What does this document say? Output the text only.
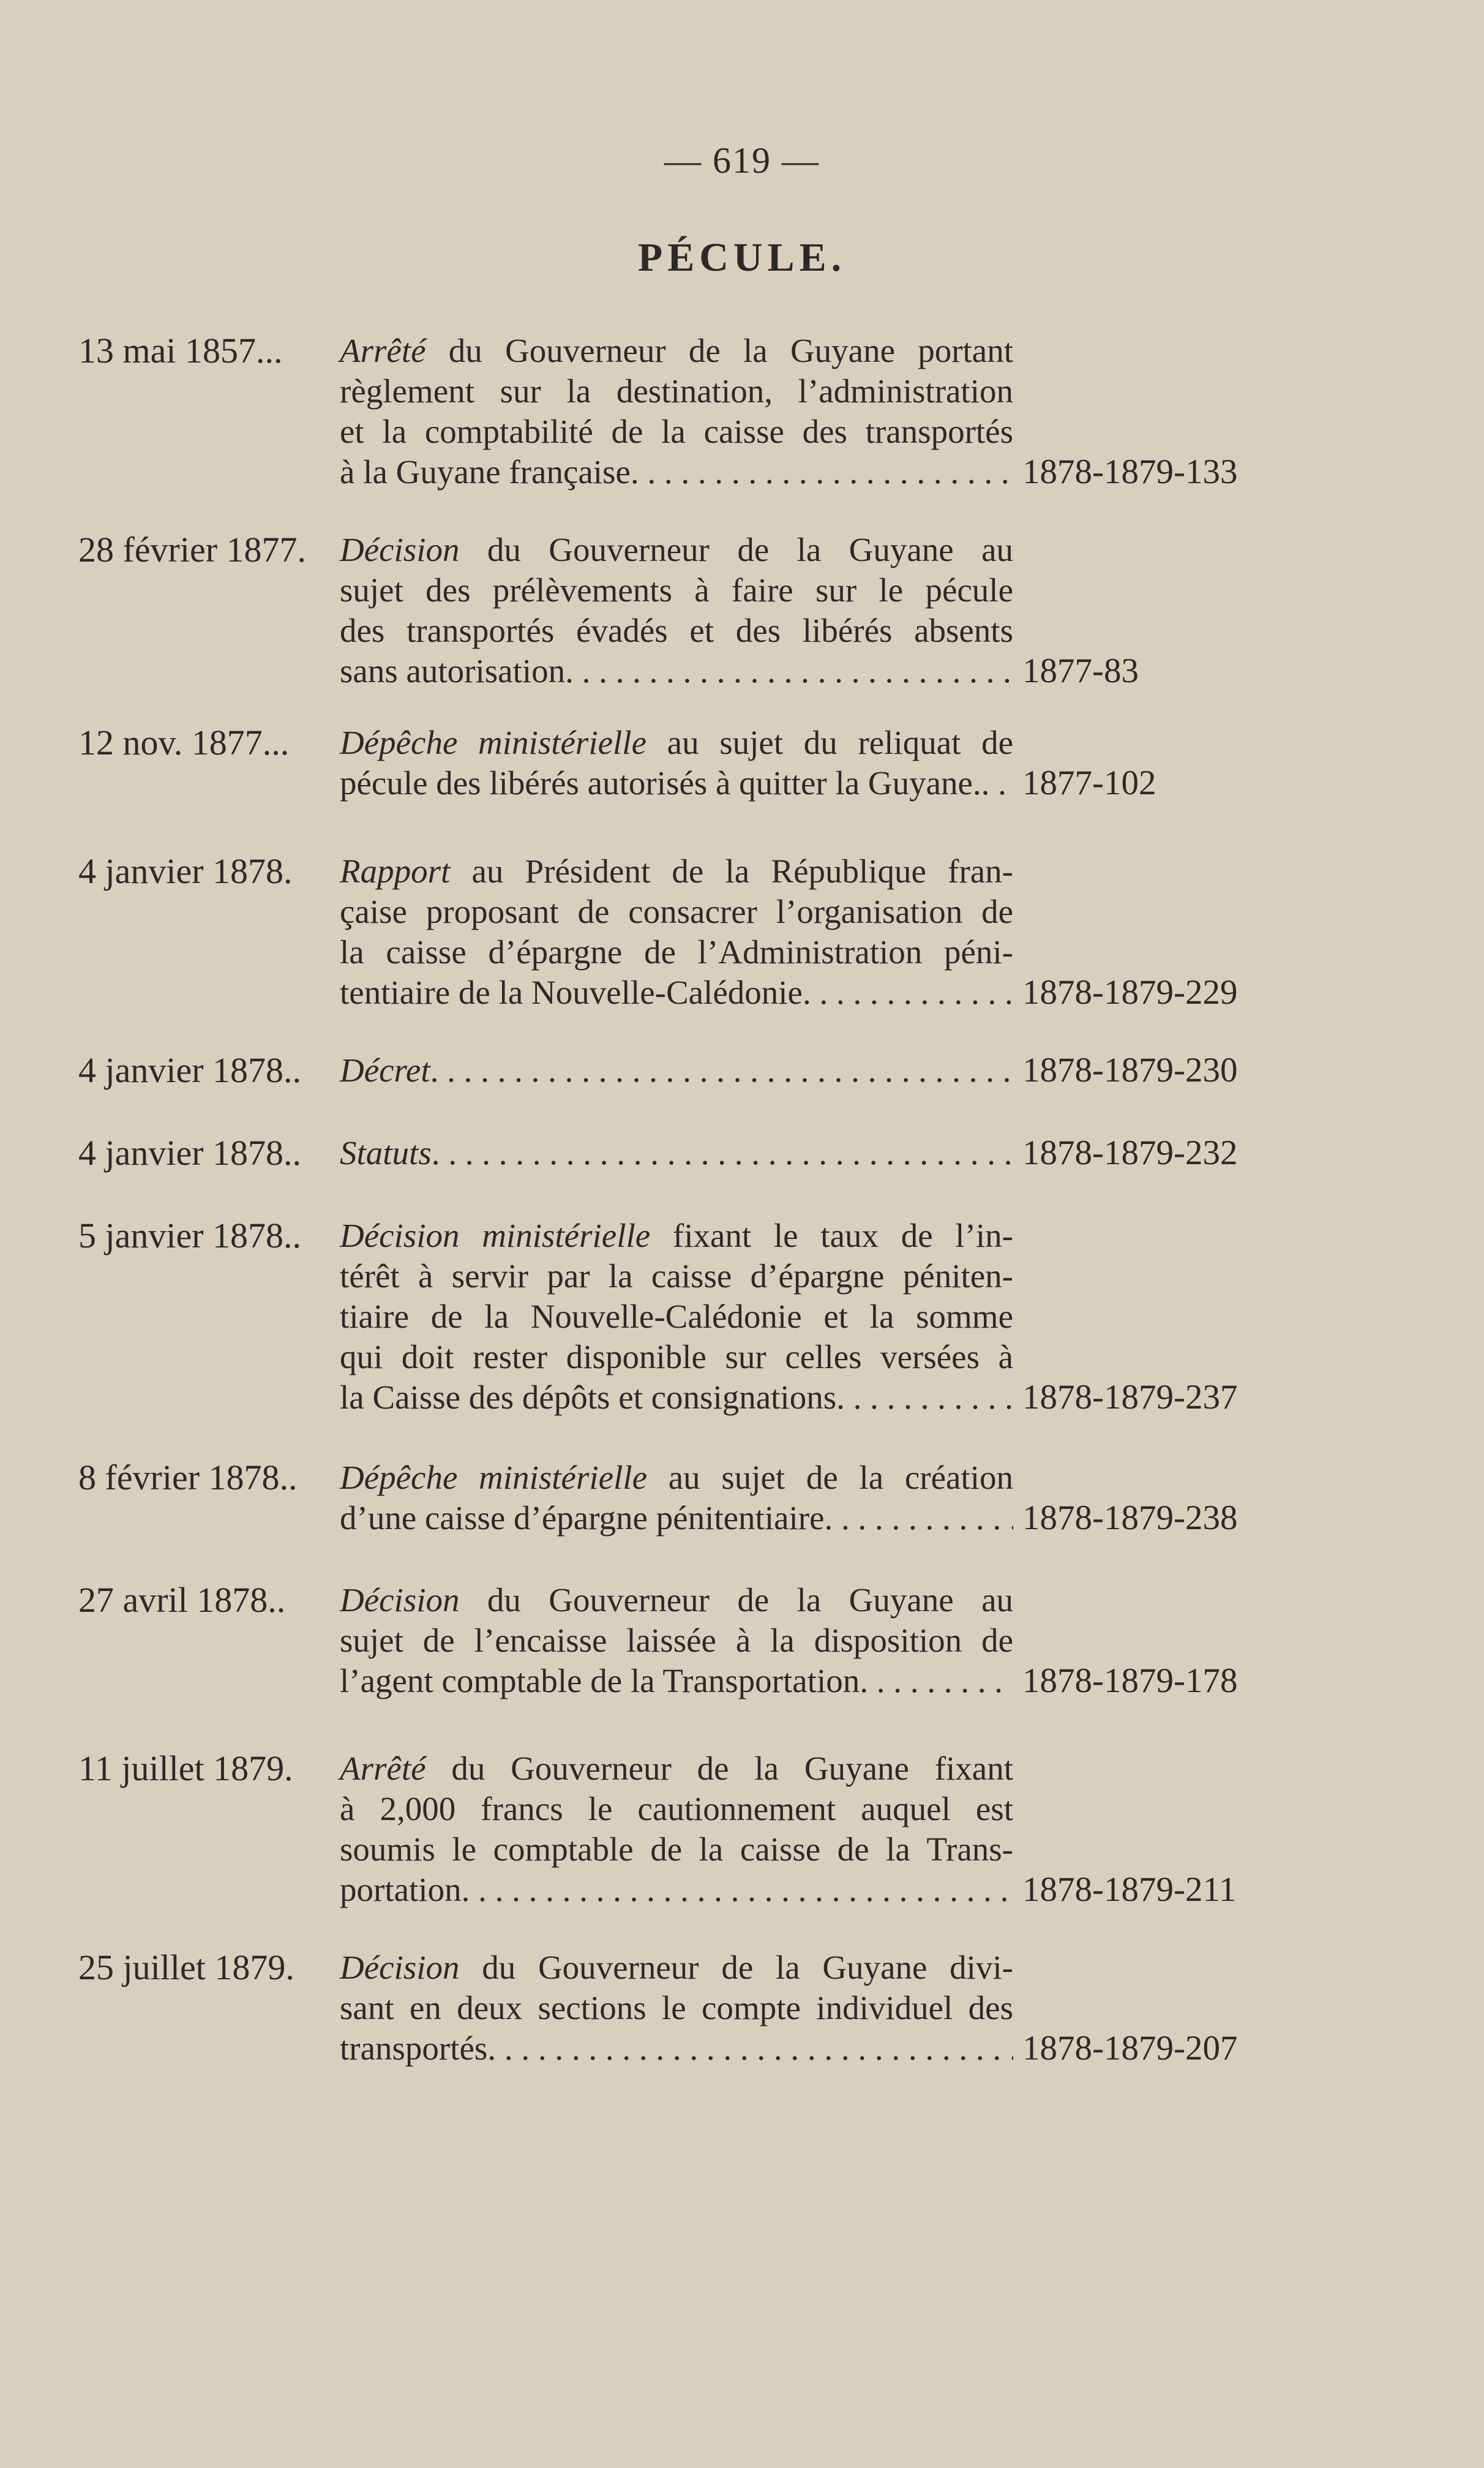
— 619 —
PÉCULE.
13 mai 1857...	Arrêté du Gouverneur de la Guyane portant
règlement sur la destination, l’administration
et la comptabilité de la caisse des transportés
à la Guyane française . . .	1878-1879-133
28 février 1877. Décision du Gouverneur de la Guyane au
sujet des prélèvements à faire sur le pécule
des transportés évadés et des libérés absents
sans autorisation . . .	1877-83
12 nov. 1877...	Dépêche ministérielle au sujet du reliquat de
pécule des libérés autorisés à quitter la Guyane. . . . 1877-102
4 janvier 1878.	Rapport au Président de la République fran-
çaise proposant de consacrer l’organisation de
la caisse d’épargne de l’Administration péni-
tentiaire de la Nouvelle-Calédonie . . .	1878-1879-229
4 janvier 1878..	Décret . . .	1878-1879-230
4 janvier 1878..	Statuts . . .	1878-1879-232
5 janvier 1878..	Décision ministérielle fixant le taux de l’in-
térêt à servir par la caisse d’épargne péniten-
tiaire de la Nouvelle-Calédonie et la somme
qui doit rester disponible sur celles versées à
la Caisse des dépôts et consignations . . .	1878-1879-237
8 février 1878..	Dépêche ministérielle au sujet de la création
d’une caisse d’épargne pénitentiaire . . .	1878-1879-238
27 avril 1878..	Décision du Gouverneur de la Guyane au
sujet de l’encaisse laissée à la disposition de
l’agent comptable de la Transportation . . .	1878-1879-178
11 juillet 1879.	Arrêté du Gouverneur de la Guyane fixant
à 2,000 francs le cautionnement auquel est
soumis le comptable de la caisse de la Trans-
portation . . .	1878-1879-211
25 juillet 1879.	Décision du Gouverneur de la Guyane divi-
sant en deux sections le compte individuel des
transportés . . .	1878-1879-207
